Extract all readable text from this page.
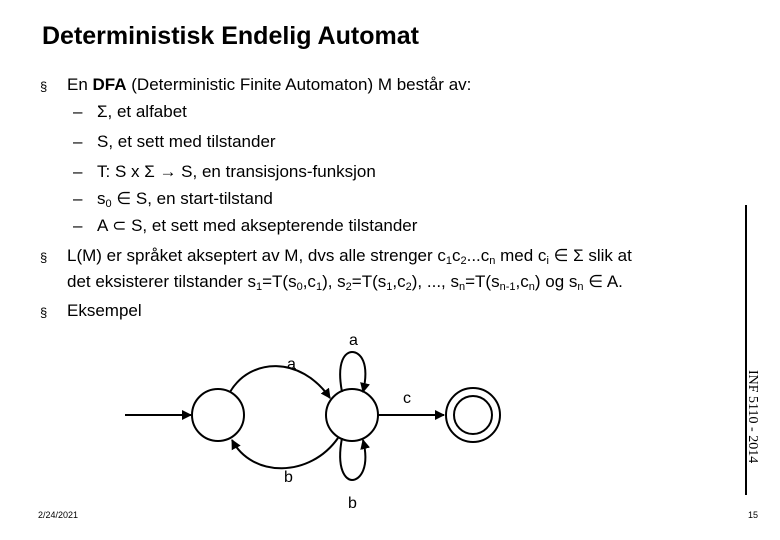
Deterministisk Endelig Automat
§ En DFA (Deterministic Finite Automaton) M består av:
– Σ, et alfabet
– S, et sett med tilstander
– T: S x Σ → S, en transisjons-funksjon
– $s_0$ ∈ S, en start-tilstand
– A ⊂ S, et sett med aksepterende tilstander
§ L(M) er språket akseptert av M, dvs alle strenger $c_1c_2...c_n$ med $c_i$ ∈ Σ slik at
det eksisterer tilstander $s_1=T(s_0,c_1)$, $s_2=T(s_1,c_2)$, ..., $s_n=T(s_{n-1},c_n)$ og $s_n$ ∈ A.
§ Eksempel
a
a
c
b
b
INF 5110 - 2014
2/24/2021	15
